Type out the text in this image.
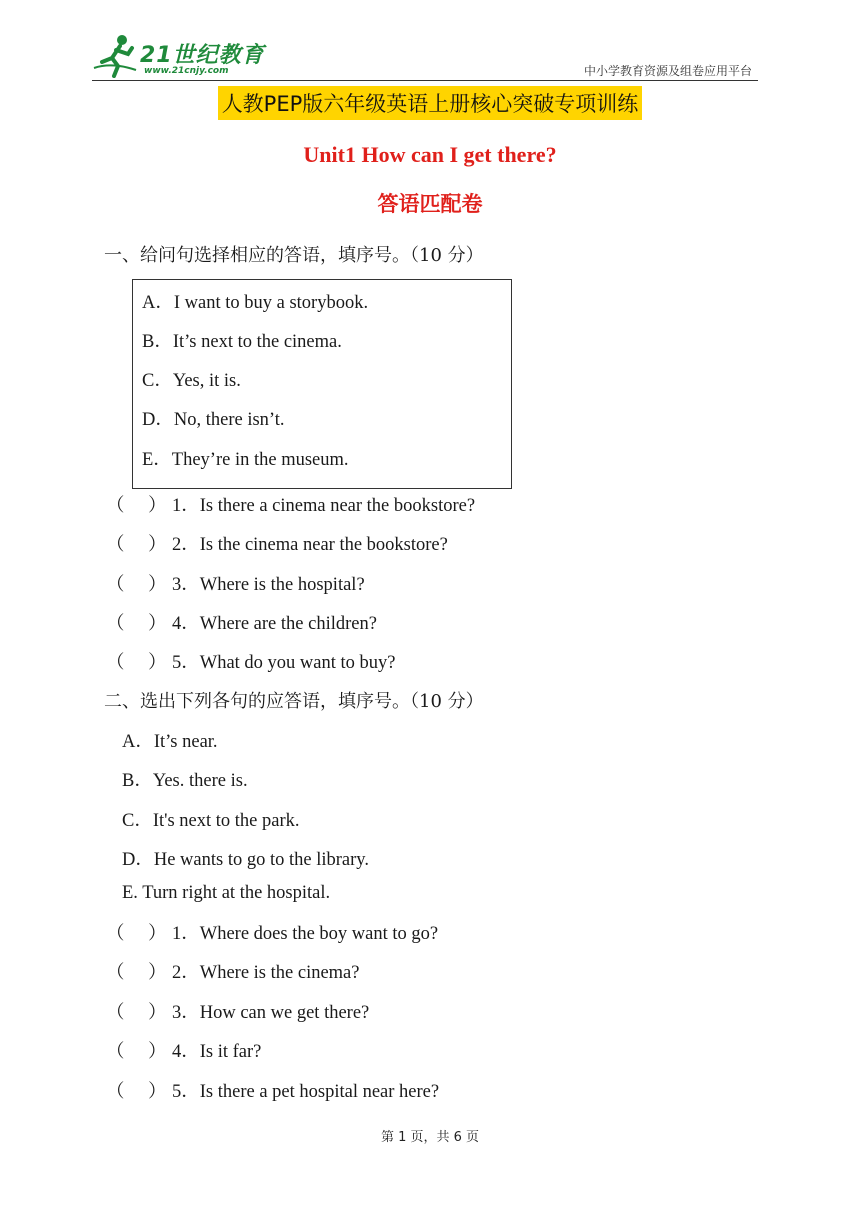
21世纪教育
www.21cnjy.com	中小学教育资源及组卷应用平台
人教PEP版六年级英语上册核心突破专项训练
Unit1 How can I get there?
答语匹配卷
一、给问句选择相应的答语，填序号。（10 分）
A．I want to buy a storybook.
B．It’s next to the cinema.
C．Yes, it is.
D．No, there isn’t.
E．They’re in the museum.
（ ） 1．Is there a cinema near the bookstore?
（ ） 2．Is the cinema near the bookstore?
（ ） 3．Where is the hospital?
（ ） 4．Where are the children?
（ ） 5．What do you want to buy?
二、选出下列各句的应答语，填序号。（10 分）
A．It’s near.
B．Yes. there is.
C．It's next to the park.
D．He wants to go to the library.
E. Turn right at the hospital.
（ ） 1．Where does the boy want to go?
（ ） 2．Where is the cinema?
（ ） 3．How can we get there?
（ ） 4．Is it far?
（ ） 5．Is there a pet hospital near here?
第 1 页，共 6 页
